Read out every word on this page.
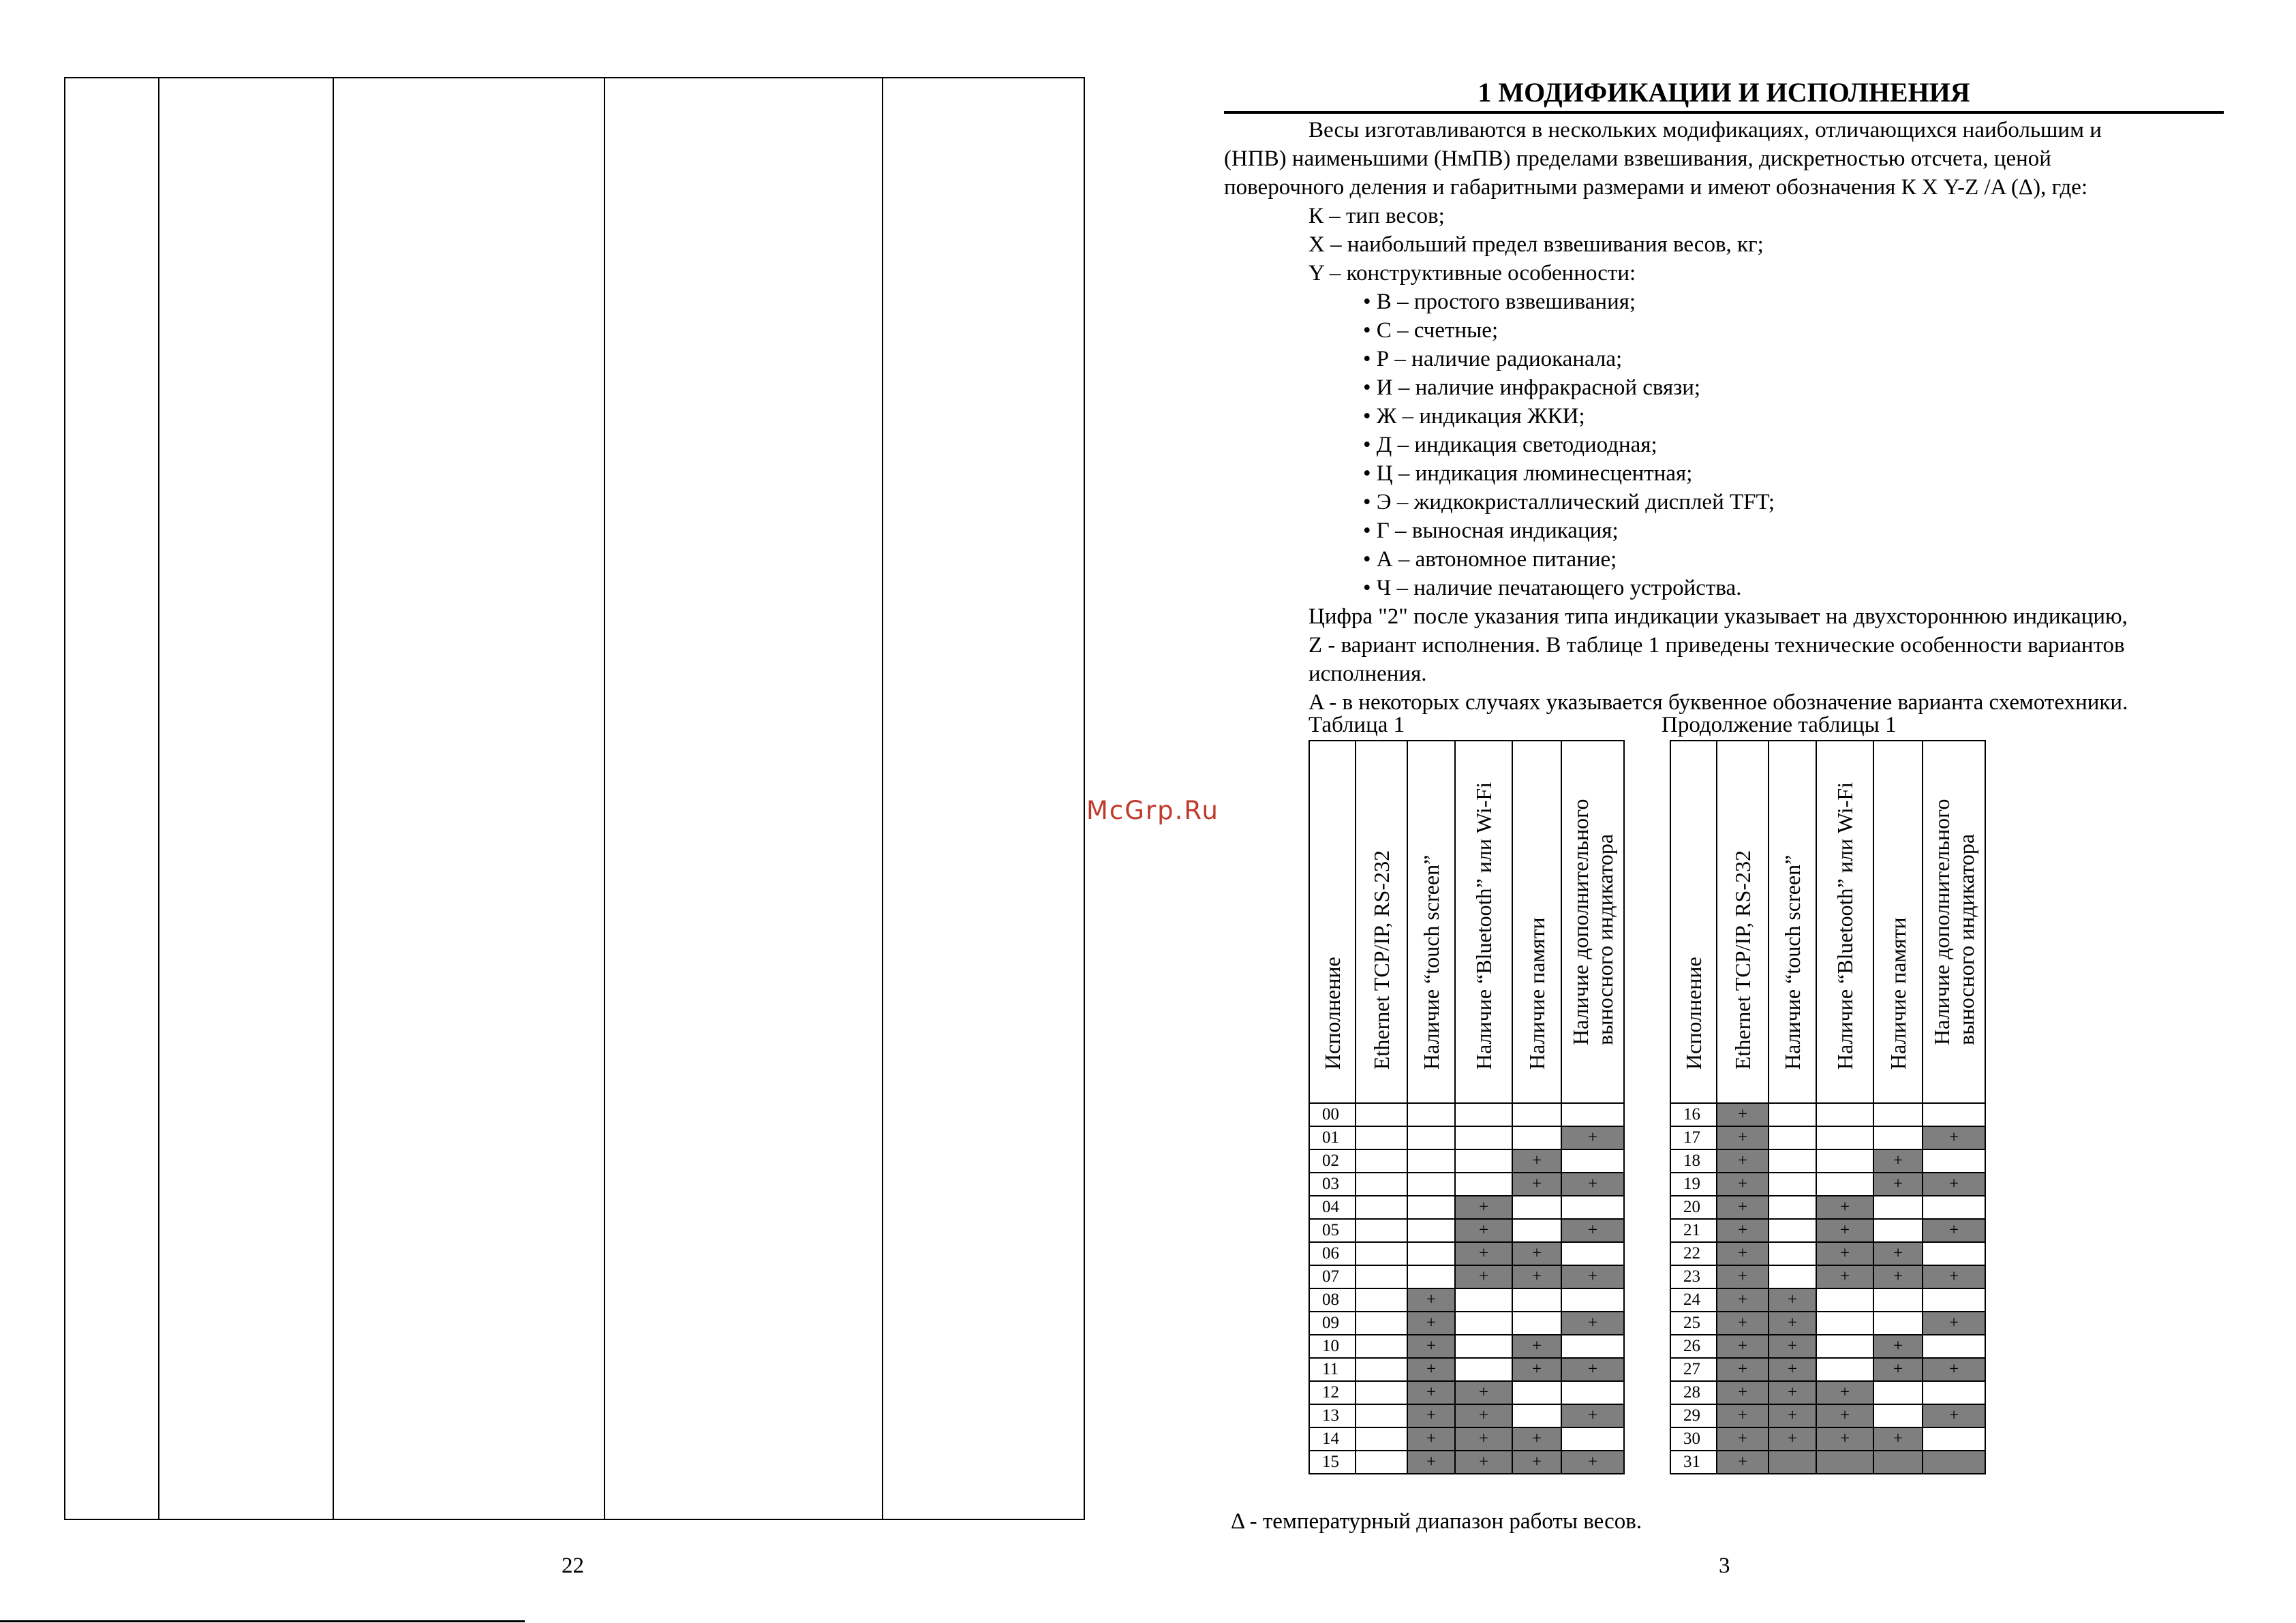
22
McGrp.Ru
1 МОДИФИКАЦИИ И ИСПОЛНЕНИЯ
Весы изготавливаются в нескольких модификациях, отличающихся наибольшим и
(НПВ) наименьшими (НмПВ) пределами взвешивания, дискретностью отсчета, ценой
поверочного деления и габаритными размерами и имеют обозначения К Х Y-Z /A (Δ), где:
К – тип весов;
Х – наибольший предел взвешивания весов, кг;
Y – конструктивные особенности:
• В – простого взвешивания;
• С – счетные;
• Р – наличие радиоканала;
• И – наличие инфракрасной связи;
• Ж – индикация ЖКИ;
• Д – индикация светодиодная;
• Ц – индикация люминесцентная;
• Э – жидкокристаллический дисплей TFT;
• Г – выносная индикация;
• А – автономное питание;
• Ч – наличие печатающего устройства.
Цифра "2" после указания типа индикации указывает на двухстороннюю индикацию,
Z - вариант исполнения. В таблице 1 приведены технические особенности вариантов
исполнения.
A - в некоторых случаях указывается буквенное обозначение варианта схемотехники.
Таблица 1	Продолжение таблицы 1
Исполнение	Ethernet TCP/IP, RS-232	Наличие “touch screen”	Наличие “Bluetooth” или Wi-Fi	Наличие памяти	Наличие дополнительного
выносного индикатора

00					
01					+
02				+	
03				+	+
04			+		
05			+		+
06			+	+	
07			+	+	+
08		+			
09		+			+
10		+		+	
11		+		+	+
12		+	+		
13		+	+		+
14		+	+	+	
15		+	+	+	+
Исполнение	Ethernet TCP/IP, RS-232	Наличие “touch screen”	Наличие “Bluetooth” или Wi-Fi	Наличие памяти	Наличие дополнительного
выносного индикатора

16	+				
17	+				+
18	+			+	
19	+			+	+
20	+		+		
21	+		+		+
22	+		+	+	
23	+		+	+	+
24	+	+			
25	+	+			+
26	+	+		+	
27	+	+		+	+
28	+	+	+		
29	+	+	+		+
30	+	+	+	+	
31	+				
Δ - температурный диапазон работы весов.
3
